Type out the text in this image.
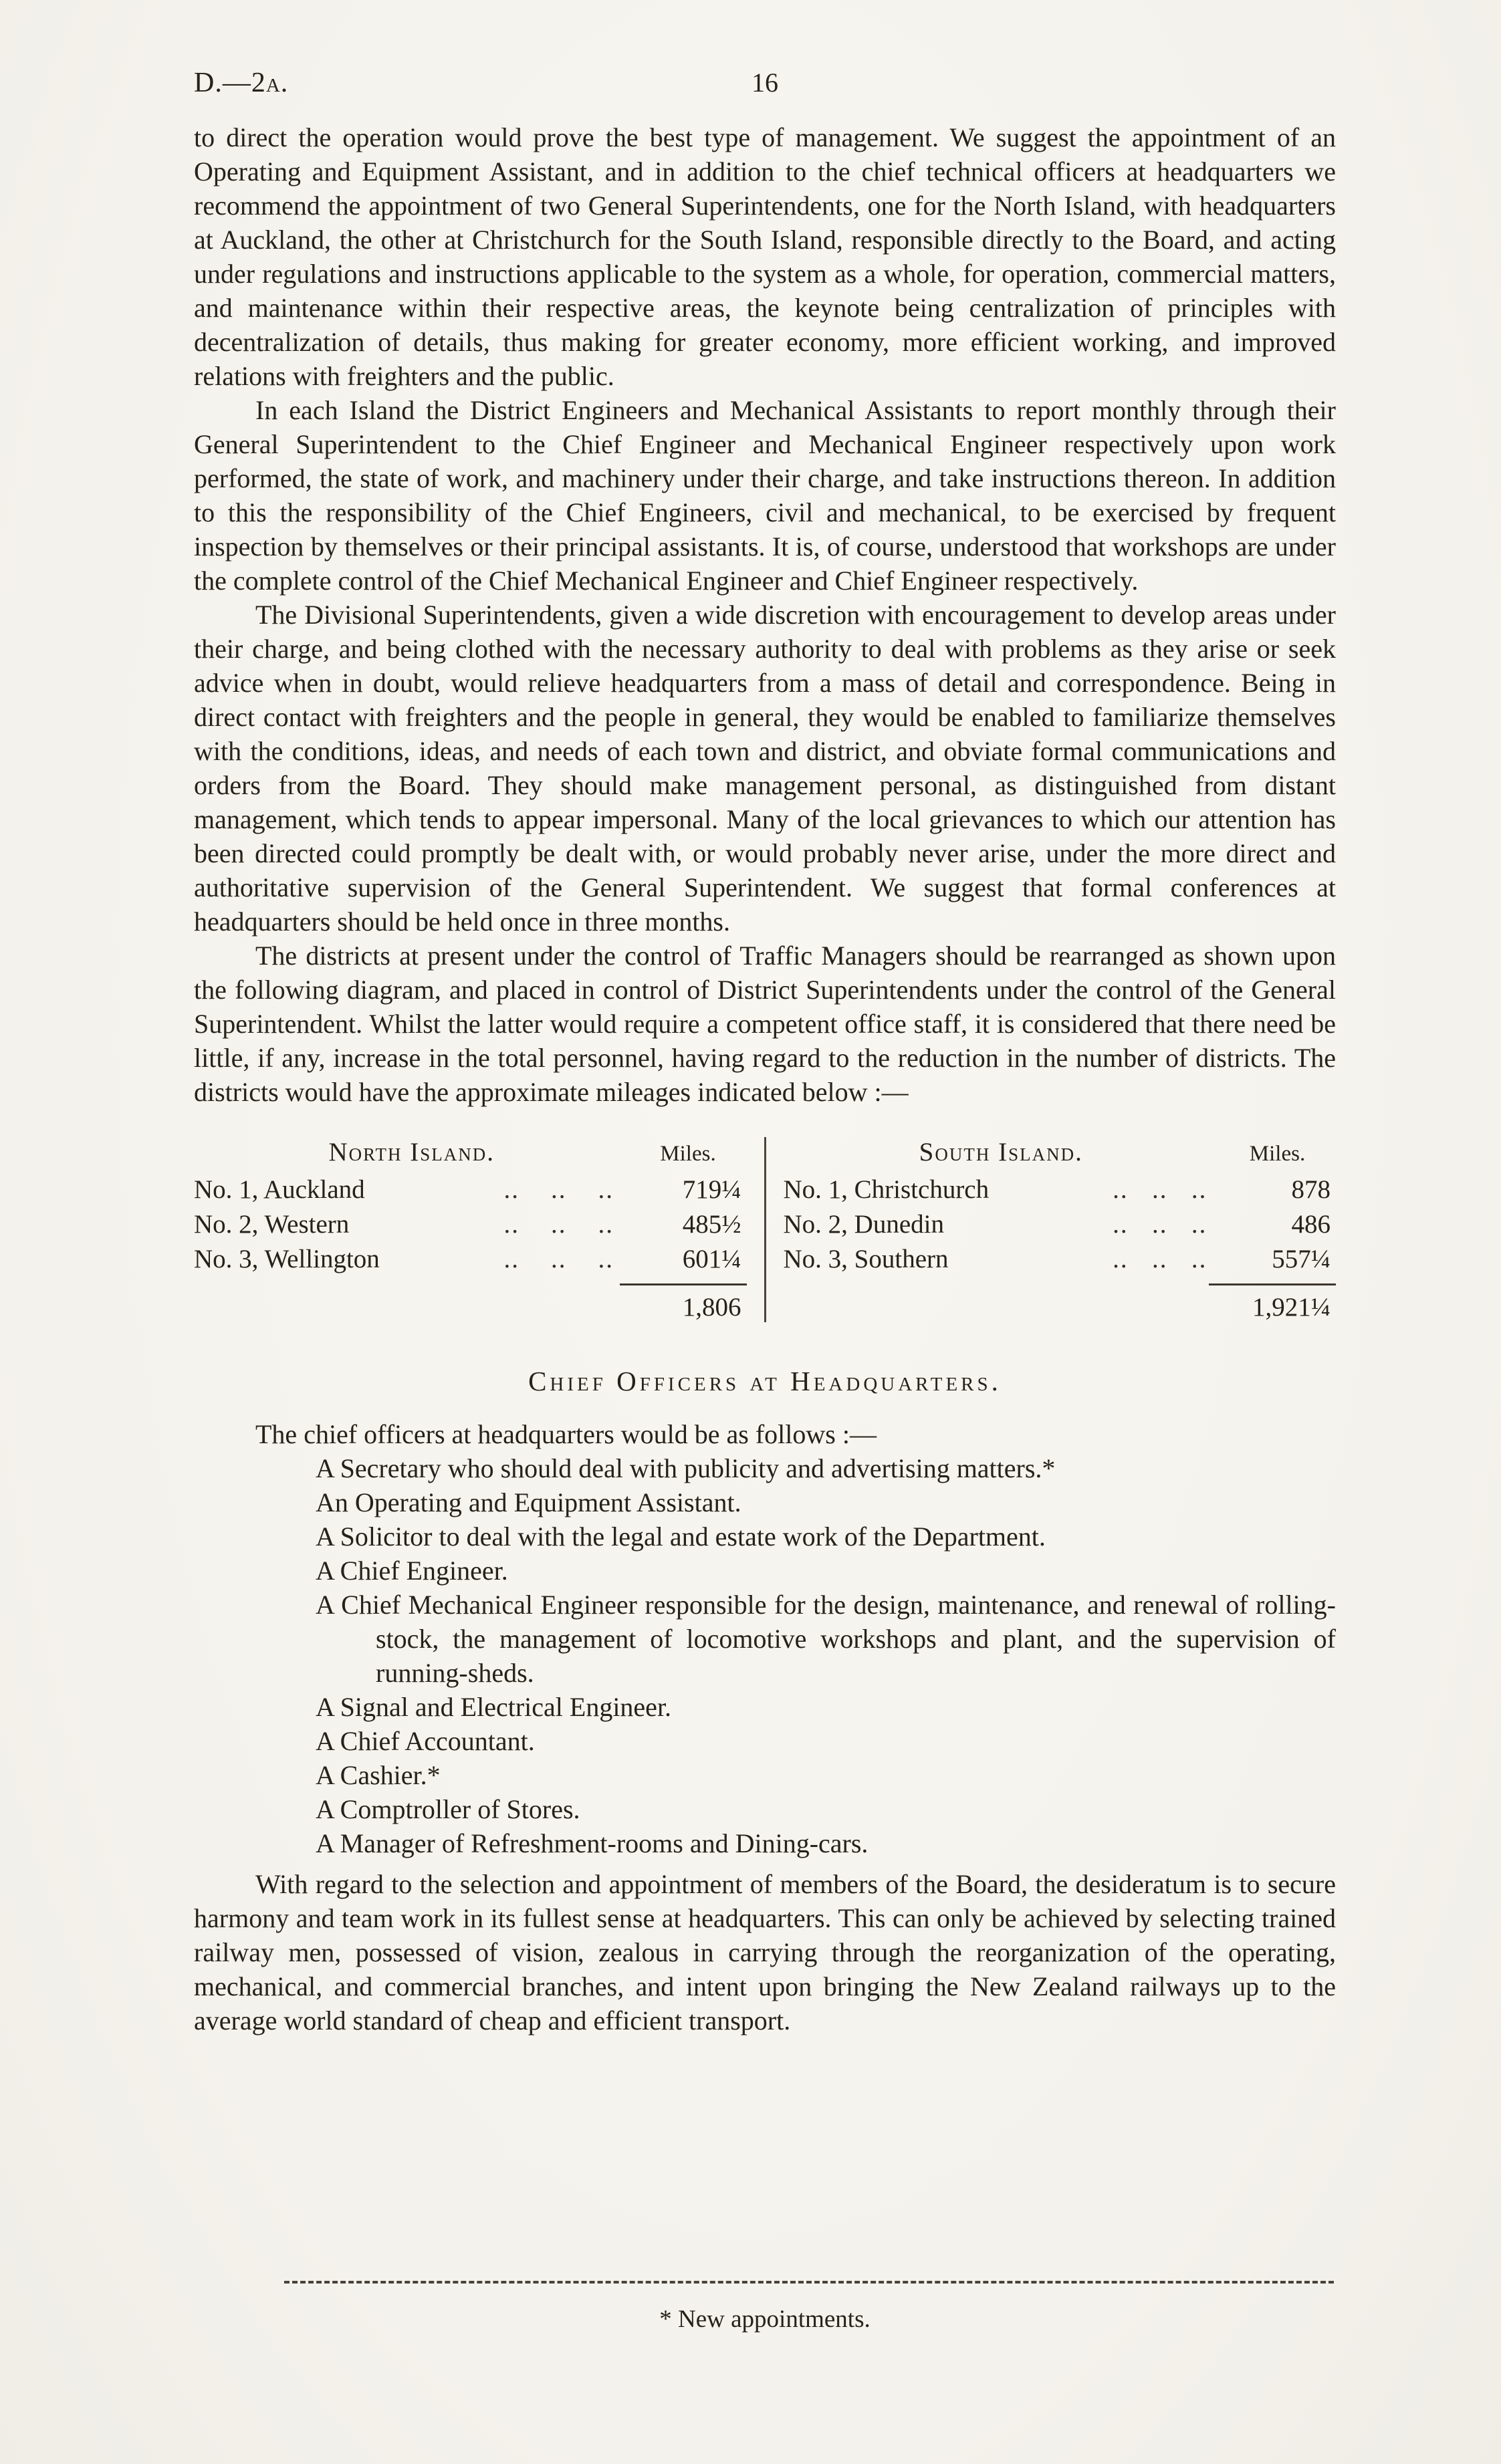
D.—2a.	16

to direct the operation would prove the best type of management. We suggest the appointment of an Operating and Equipment Assistant, and in addition to the chief technical officers at headquarters we recommend the appointment of two General Superintendents, one for the North Island, with headquarters at Auckland, the other at Christchurch for the South Island, responsible directly to the Board, and acting under regulations and instructions applicable to the system as a whole, for operation, commercial matters, and maintenance within their respective areas, the keynote being centralization of principles with decentralization of details, thus making for greater economy, more efficient working, and improved relations with freighters and the public.

In each Island the District Engineers and Mechanical Assistants to report monthly through their General Superintendent to the Chief Engineer and Mechanical Engineer respectively upon work performed, the state of work, and machinery under their charge, and take instructions thereon. In addition to this the responsibility of the Chief Engineers, civil and mechanical, to be exercised by frequent inspection by themselves or their principal assistants. It is, of course, understood that workshops are under the complete control of the Chief Mechanical Engineer and Chief Engineer respectively.

The Divisional Superintendents, given a wide discretion with encouragement to develop areas under their charge, and being clothed with the necessary authority to deal with problems as they arise or seek advice when in doubt, would relieve headquarters from a mass of detail and correspondence. Being in direct contact with freighters and the people in general, they would be enabled to familiarize themselves with the conditions, ideas, and needs of each town and district, and obviate formal communications and orders from the Board. They should make management personal, as distinguished from distant management, which tends to appear impersonal. Many of the local grievances to which our attention has been directed could promptly be dealt with, or would probably never arise, under the more direct and authoritative supervision of the General Superintendent. We suggest that formal conferences at headquarters should be held once in three months.

The districts at present under the control of Traffic Managers should be rearranged as shown upon the following diagram, and placed in control of District Superintendents under the control of the General Superintendent. Whilst the latter would require a competent office staff, it is considered that there need be little, if any, increase in the total personnel, having regard to the reduction in the number of districts. The districts would have the approximate mileages indicated below :—

North Island.	Miles.
No. 1, Auckland	..	..	..	719¼
No. 2, Western	..	..	..	485½
No. 3, Wellington	..	..	..	601¼
1,806
South Island.	Miles.
No. 1, Christchurch	.. .. ..	878
No. 2, Dunedin	.. .. ..	486
No. 3, Southern	.. .. ..	557¼
1,921¼
Chief Officers at Headquarters.

The chief officers at headquarters would be as follows :—

A Secretary who should deal with publicity and advertising matters.*

An Operating and Equipment Assistant.

A Solicitor to deal with the legal and estate work of the Department.

A Chief Engineer.

A Chief Mechanical Engineer responsible for the design, maintenance, and renewal of rolling-stock, the management of locomotive workshops and plant, and the supervision of running-sheds.

A Signal and Electrical Engineer.

A Chief Accountant.

A Cashier.*

A Comptroller of Stores.

A Manager of Refreshment-rooms and Dining-cars.

With regard to the selection and appointment of members of the Board, the desideratum is to secure harmony and team work in its fullest sense at headquarters. This can only be achieved by selecting trained railway men, possessed of vision, zealous in carrying through the reorganization of the operating, mechanical, and commercial branches, and intent upon bringing the New Zealand railways up to the average world standard of cheap and efficient transport.

* New appointments.
